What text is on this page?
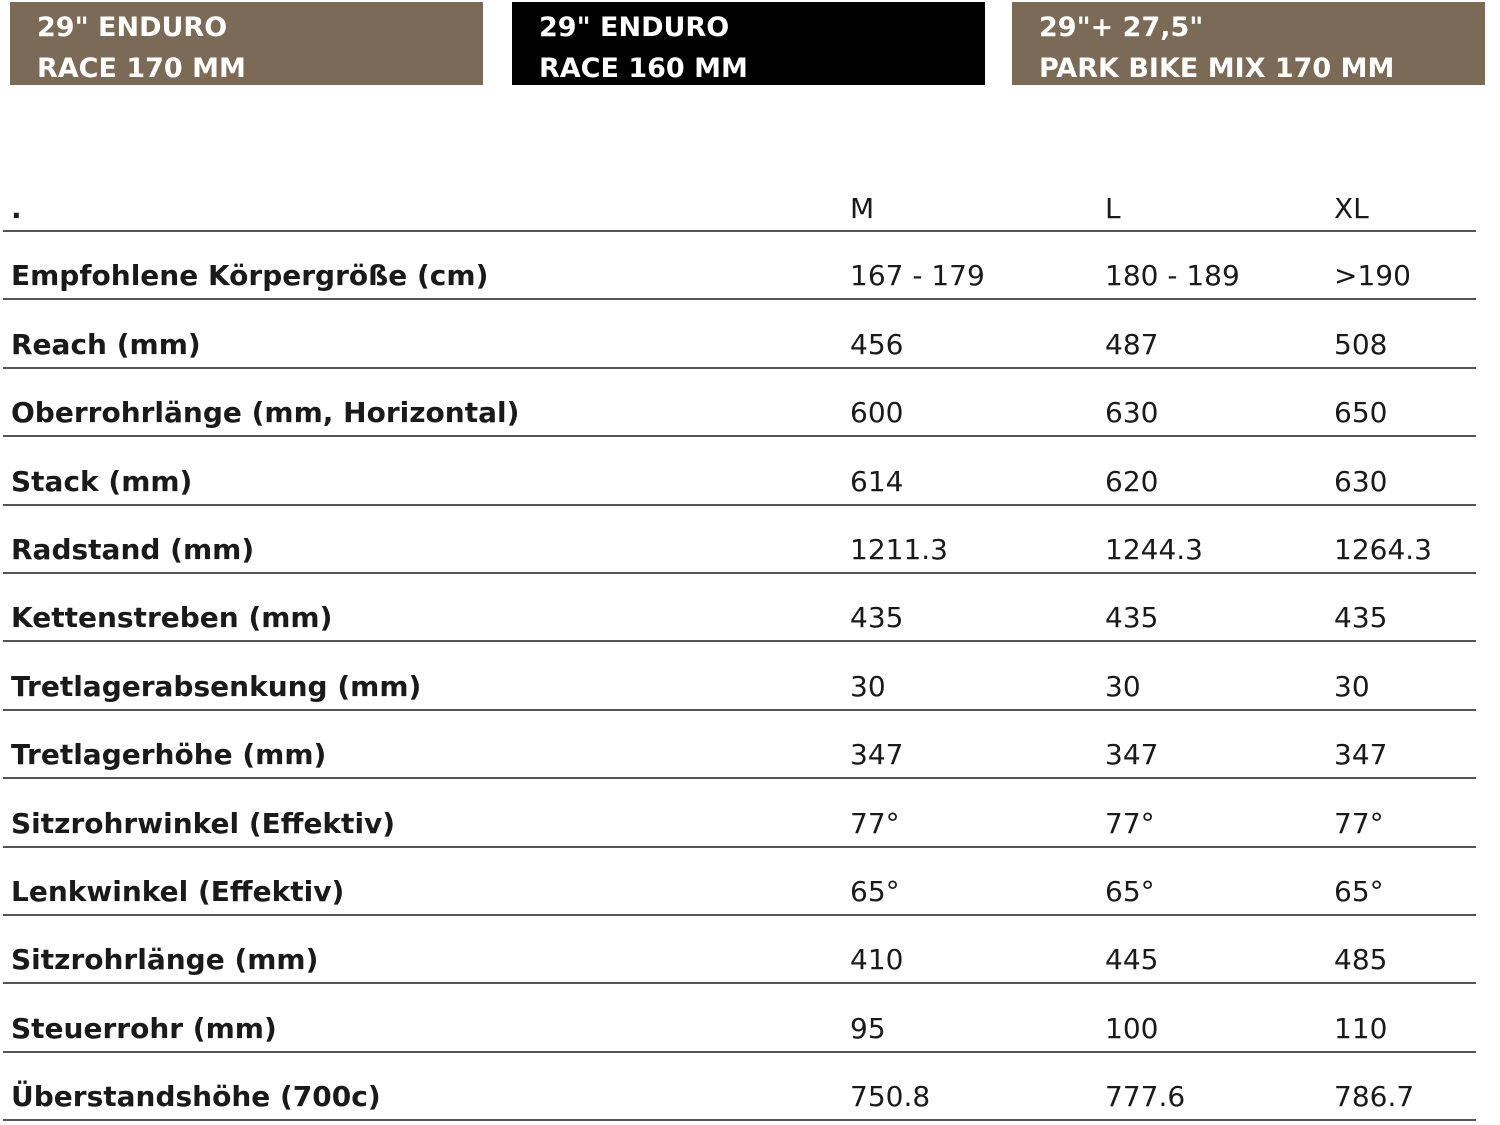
29" ENDURO
RACE 170 MM
29" ENDURO
RACE 160 MM
29"+ 27,5"
PARK BIKE MIX 170 MM
.	M	L	XL
Empfohlene Körpergröße (cm)	167 - 179	180 - 189	>190
Reach (mm)	456	487	508
Oberrohrlänge (mm, Horizontal)	600	630	650
Stack (mm)	614	620	630
Radstand (mm)	1211.3	1244.3	1264.3
Kettenstreben (mm)	435	435	435
Tretlagerabsenkung (mm)	30	30	30
Tretlagerhöhe (mm)	347	347	347
Sitzrohrwinkel (Effektiv)	77°	77°	77°
Lenkwinkel (Effektiv)	65°	65°	65°
Sitzrohrlänge (mm)	410	445	485
Steuerrohr (mm)	95	100	110
Überstandshöhe (700c)	750.8	777.6	786.7
